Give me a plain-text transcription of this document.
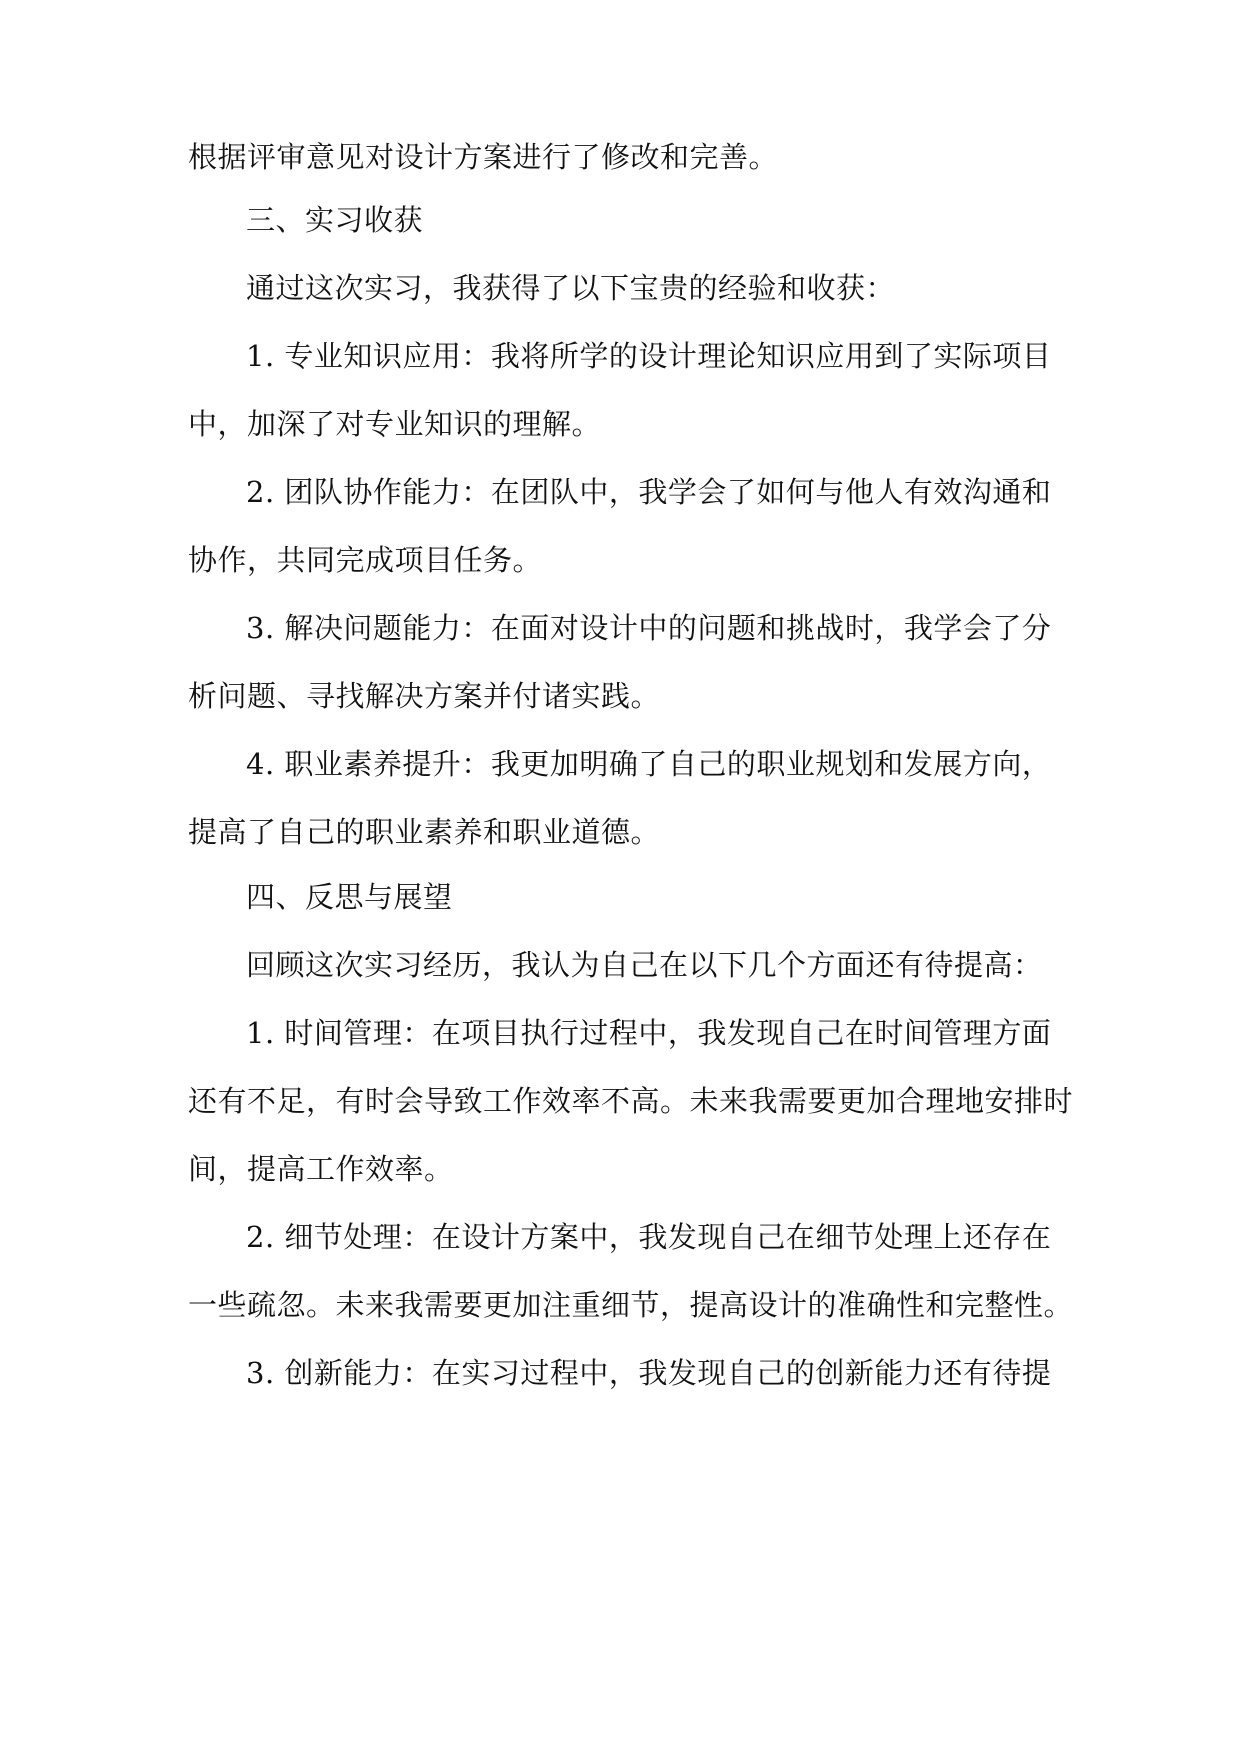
根据评审意见对设计方案进行了修改和完善。
三、实习收获
通过这次实习，我获得了以下宝贵的经验和收获：
1. 专业知识应用：我将所学的设计理论知识应用到了实际项目
中，加深了对专业知识的理解。
2. 团队协作能力：在团队中，我学会了如何与他人有效沟通和
协作，共同完成项目任务。
3. 解决问题能力：在面对设计中的问题和挑战时，我学会了分
析问题、寻找解决方案并付诸实践。
4. 职业素养提升：我更加明确了自己的职业规划和发展方向，
提高了自己的职业素养和职业道德。
四、反思与展望
回顾这次实习经历，我认为自己在以下几个方面还有待提高：
1. 时间管理：在项目执行过程中，我发现自己在时间管理方面
还有不足，有时会导致工作效率不高。未来我需要更加合理地安排时
间，提高工作效率。
2. 细节处理：在设计方案中，我发现自己在细节处理上还存在
一些疏忽。未来我需要更加注重细节，提高设计的准确性和完整性。
3. 创新能力：在实习过程中，我发现自己的创新能力还有待提
